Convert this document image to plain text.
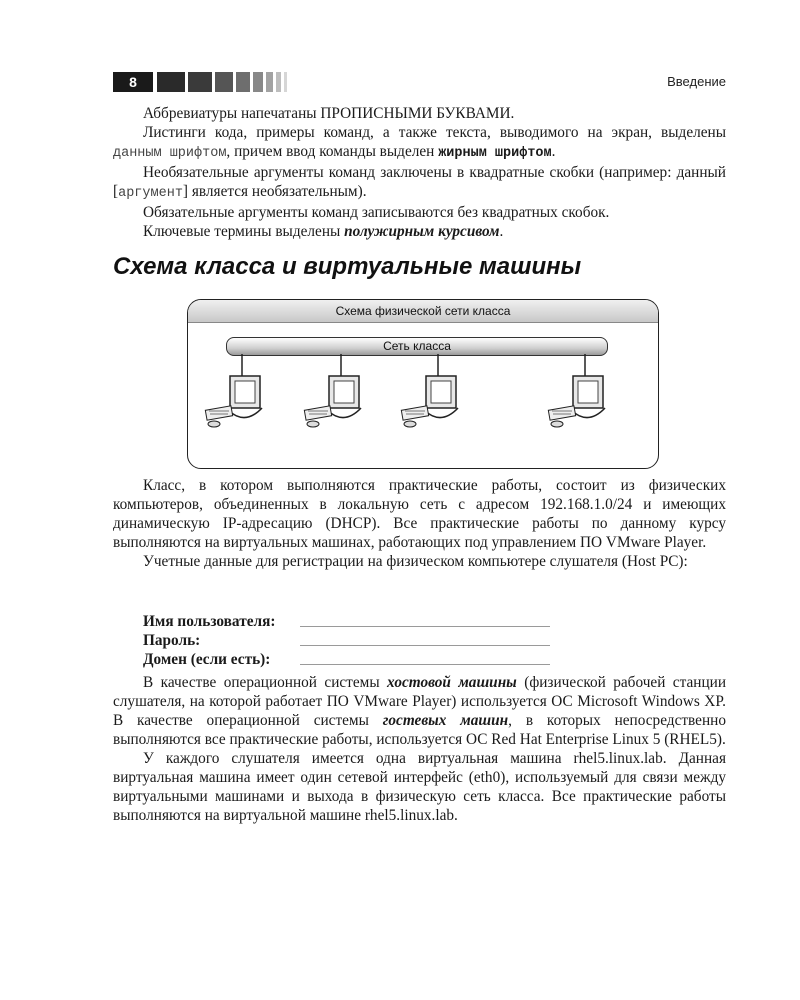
8	Введение

Аббревиатуры напечатаны ПРОПИСНЫМИ БУКВАМИ.

Листинги кода, примеры команд, а также текста, выводимого на экран, выделены данным шрифтом, причем ввод команды выделен жирным шрифтом.

Необязательные аргументы команд заключены в квадратные скобки (например: данный [аргумент] является необязательным).

Обязательные аргументы команд записываются без квадратных скобок.

Ключевые термины выделены полужирным курсивом.

Схема класса и виртуальные машины
Схема физической сети класса
Сеть класса

Класс, в котором выполняются практические работы, состоит из физических компьютеров, объединенных в локальную сеть с адресом 192.168.1.0/24 и имеющих динамическую IP-адресацию (DHCP). Все практические работы по данному курсу выполняются на виртуальных машинах, работающих под управлением ПО VMware Player.

Учетные данные для регистрации на физическом компьютере слушателя (Host PC):

Имя пользователя:
Пароль:
Домен (если есть):

В качестве операционной системы хостовой машины (физической рабочей станции слушателя, на которой работает ПО VMware Player) используется ОС Microsoft Windows XP. В качестве операционной системы гостевых машин, в которых непосредственно выполняются все практические работы, используется ОС Red Hat Enterprise Linux 5 (RHEL5).

У каждого слушателя имеется одна виртуальная машина rhel5.linux.lab. Данная виртуальная машина имеет один сетевой интерфейс (eth0), используемый для связи между виртуальными машинами и выхода в физическую сеть класса. Все практические работы выполняются на виртуальной машине rhel5.linux.lab.
